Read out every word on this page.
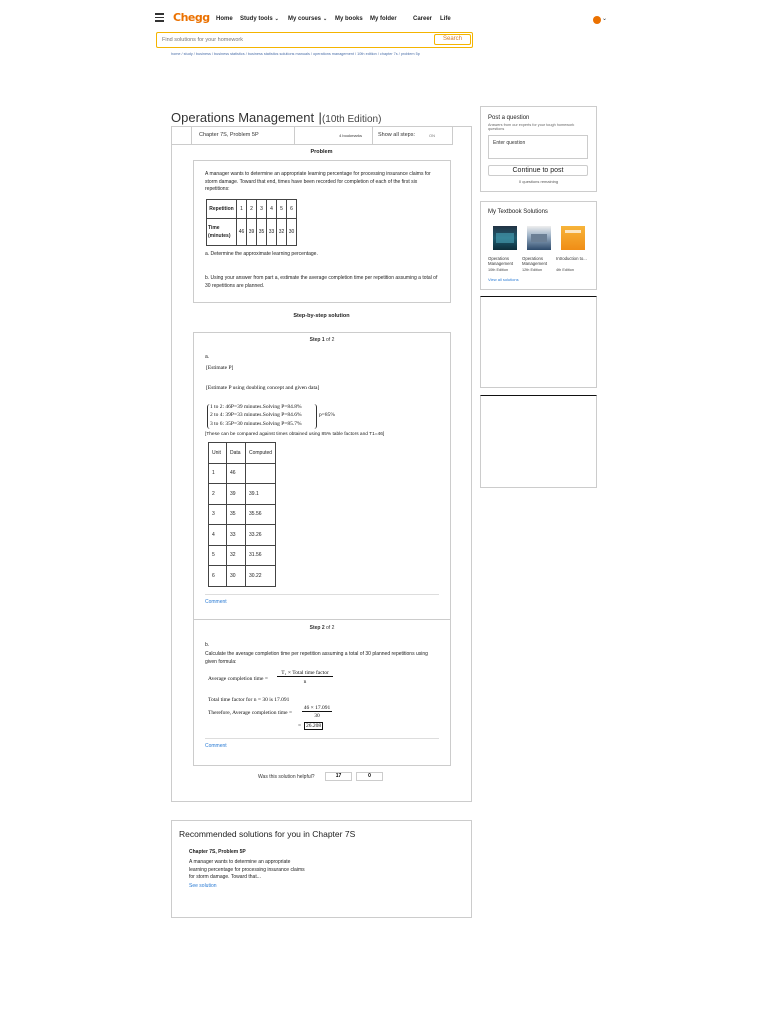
Chegg Home Study tools ⌄ My courses ⌄ My books My folder	Career Life	⌄
Find solutions for your homework
Search
home / study / business / business statistics / business statistics solutions manuals / operations management / 10th edition / chapter 7s / problem 5p
Operations Management |(10th Edition)
Chapter 7S, Problem 5P	4 bookmarks	Show all steps:	ON
Problem
A manager wants to determine an appropriate learning percentage for processing insurance claims for storm damage. Toward that end, times have been recorded for completion of each of the first six repetitions:
Repetition	1	2	3	4	5	6
Time (minutes)	46	39	35	33	32	30
a. Determine the approximate learning percentage.
b. Using your answer from part a, estimate the average completion time per repetition assuming a total of 30 repetitions are planned.
Step-by-step solution
Step 1 of 2
a.
[Estimate P]
[Estimate P using doubling concept and given data]
1 to 2: 46P=39 minutes.Solving P=84.8%
2 to 4: 39P=33 minutes.Solving P=84.6%
3 to 6: 35P=30 minutes.Solving P=85.7%
p=85%
[These can be compared against times obtained using 85% table factors and T1=46]
Unit	Data	Computed
1	46	
2	39	39.1
3	35	35.56
4	33	33.26
5	32	31.56
6	30	30.22
Comment
Step 2 of 2
b.
Calculate the average completion time per repetition assuming a total of 30 planned repetitions using given formula:
Average completion time =
T₁ × Total time factor
n
Total time factor for n = 30 is 17.091
Therefore, Average completion time =
46 × 17.091
30
= 26.208
Comment
Was this solution helpful?	17	0
Recommended solutions for you in Chapter 7S
Chapter 7S, Problem 5P
A manager wants to determine an appropriate learning percentage for processing insurance claims for storm damage. Toward that...
See solution
Post a question
Answers from our experts for your tough homework questions
0 questions remaining
Enter question
Continue to post
My Textbook Solutions
View all solutions
Operations Management
Operations Management
Introduction to...
10th Edition	12th Edition	4th Edition
